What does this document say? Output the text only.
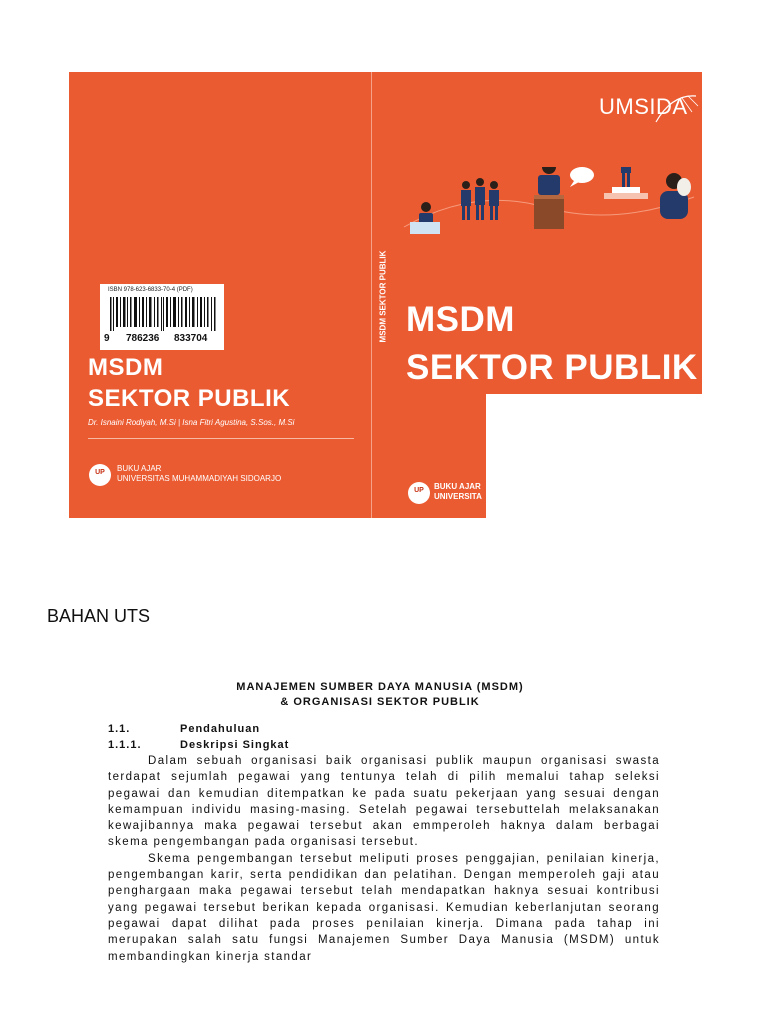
ISBN 978-623-6833-70-4 (PDF)
9 786236 833704
MSDM
SEKTOR PUBLIK
Dr. Isnaini Rodiyah, M.Si | Isna Fitri Agustina, S.Sos., M.Si
UP	BUKU AJAR
UNIVERSITAS MUHAMMADIYAH SIDOARJO
MSDM SEKTOR PUBLIK
UMSIDA
MSDM
SEKTOR PUBLIK
UP	BUKU AJAR
UNIVERSITA
BAHAN UTS
MANAJEMEN SUMBER DAYA MANUSIA (MSDM)
& ORGANISASI SEKTOR PUBLIK
1.1.	Pendahuluan
1.1.1.	Deskripsi Singkat

Dalam sebuah organisasi baik organisasi publik maupun organisasi swasta terdapat sejumlah pegawai yang tentunya telah di pilih memalui tahap seleksi pegawai dan kemudian ditempatkan ke pada suatu pekerjaan yang sesuai dengan kemampuan individu masing-masing. Setelah pegawai tersebuttelah melaksanakan kewajibannya maka pegawai tersebut akan emmperoleh haknya dalam berbagai skema pengembangan pada organisasi tersebut.

Skema pengembangan tersebut meliputi proses penggajian, penilaian kinerja, pengembangan karir, serta pendidikan dan pelatihan. Dengan memperoleh gaji atau penghargaan maka pegawai tersebut telah mendapatkan haknya sesuai kontribusi yang pegawai tersebut berikan kepada organisasi. Kemudian keberlanjutan seorang pegawai dapat dilihat pada proses penilaian kinerja. Dimana pada tahap ini merupakan salah satu fungsi Manajemen Sumber Daya Manusia (MSDM) untuk membandingkan kinerja standar
